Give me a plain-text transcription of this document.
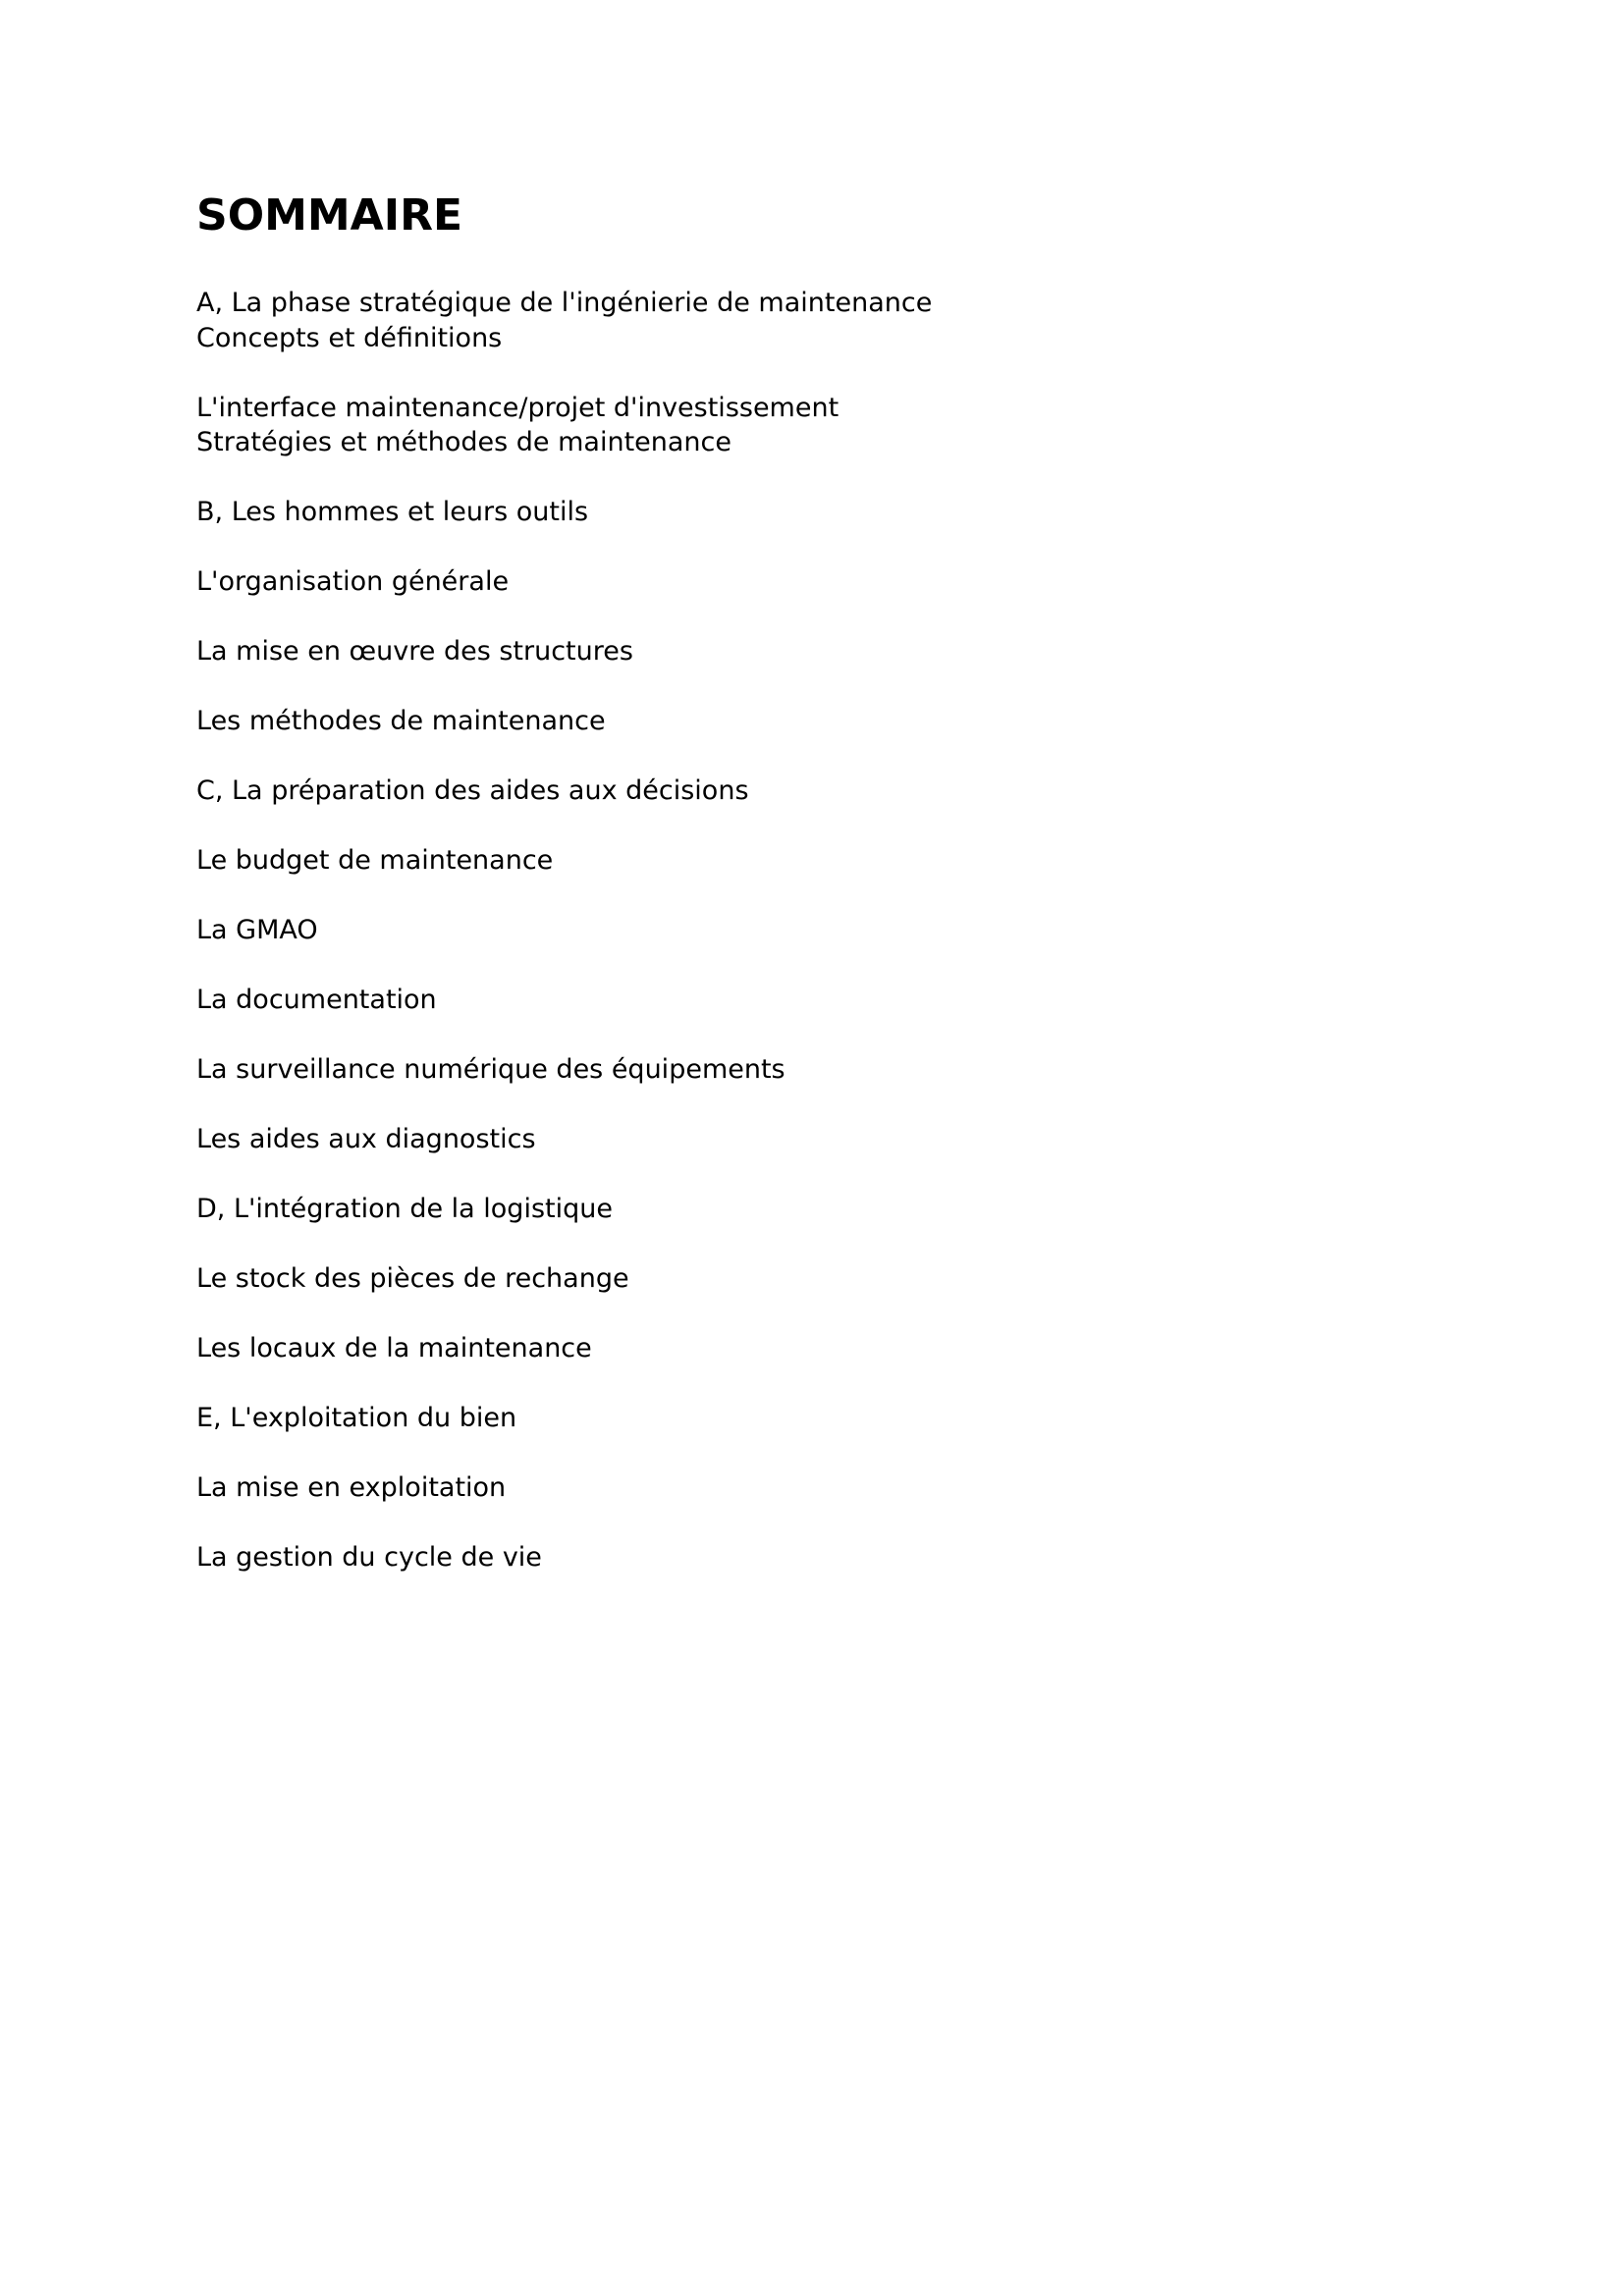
SOMMAIRE

A, La phase stratégique de l'ingénierie de maintenance
Concepts et définitions

L'interface maintenance/projet d'investissement
Stratégies et méthodes de maintenance

B, Les hommes et leurs outils

L'organisation générale

La mise en œuvre des structures

Les méthodes de maintenance

C, La préparation des aides aux décisions

Le budget de maintenance

La GMAO

La documentation

La surveillance numérique des équipements

Les aides aux diagnostics

D, L'intégration de la logistique

Le stock des pièces de rechange

Les locaux de la maintenance

E, L'exploitation du bien

La mise en exploitation

La gestion du cycle de vie
